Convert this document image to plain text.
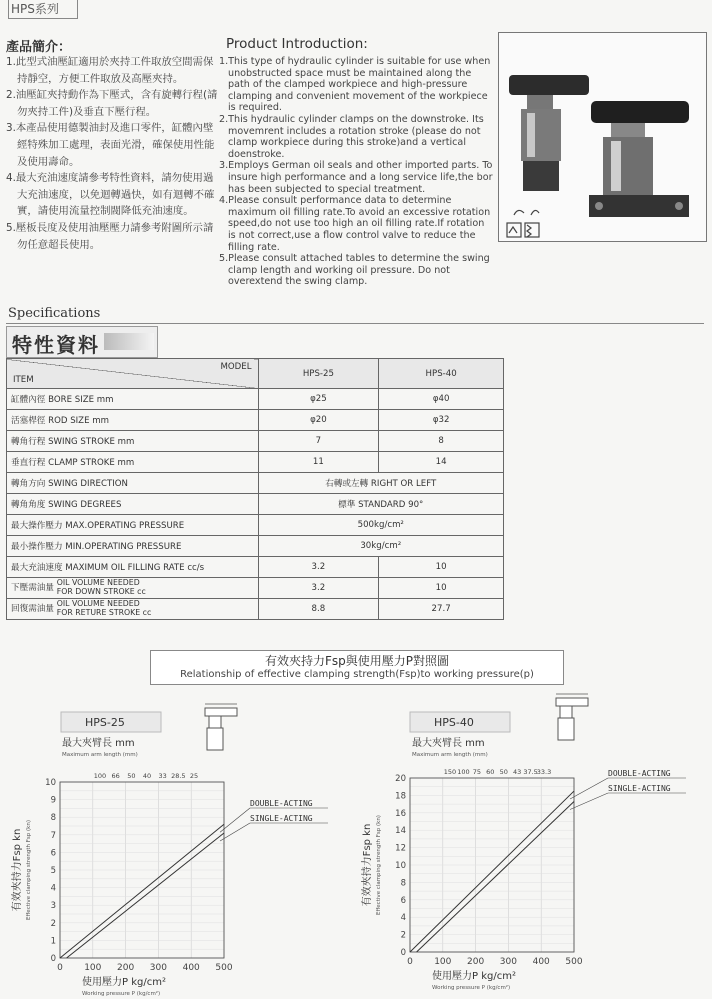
HPS系列
產品簡介：
1.此型式油壓缸適用於夾持工件取放空間需保持靜空，方便工件取放及高壓夾持。
2.油壓缸夾持動作為下壓式，含有旋轉行程(請勿夾持工件)及垂直下壓行程。
3.本產品使用德製油封及進口零件，缸體內壁經特殊加工處理，表面光滑，確保使用性能及使用壽命。
4.最大充油速度請參考特性資料，請勿使用過大充油速度，以免迴轉過快，如有迴轉不確實，請使用流量控制閥降低充油速度。
5.壓板長度及使用油壓壓力請參考附圖所示請勿任意超長使用。
Product Introduction:
1.This type of hydraulic cylinder is suitable for use when unobstructed space must be maintained along the path of the clamped workpiece and high-pressure clamping and convenient movement of the workpiece is required.
2.This hydraulic cylinder clamps on the downstroke. Its movemrent includes a rotation stroke (please do not clamp workpiece during this stroke)and a vertical doenstroke.
3.Employs German oil seals and other imported parts. To insure high performance and a long service life,the bor has been subjected to special treatment.
4.Please consult performance data to determine maximum oil filling rate.To avoid an excessive rotation speed,do not use too high an oil filling rate.If rotation is not correct,use a flow control valve to reduce the filling rate.
5.Please consult attached tables to determine the swing clamp length and working oil pressure. Do not overextend the swing clamp.
Specifications
特性資料
MODEL
ITEM	HPS-25	HPS-40
缸體內徑 BORE SIZE mm	φ25	φ40
活塞桿徑 ROD SIZE mm	φ20	φ32
轉角行程 SWING STROKE mm	7	8
垂直行程 CLAMP STROKE mm	11	14
轉角方向 SWING DIRECTION	右轉或左轉 RIGHT OR LEFT	
轉角角度 SWING DEGREES	標準 STANDARD 90°	
最大操作壓力 MAX.OPERATING PRESSURE	500kg/cm²	
最小操作壓力 MIN.OPERATING PRESSURE	30kg/cm²	
最大充油速度 MAXIMUM OIL FILLING RATE cc/s	3.2	10
下壓需油量 OIL VOLUME NEEDED
FOR DOWN STROKE cc	3.2	10
回復需油量 OIL VOLUME NEEDED
FOR RETURE STROKE cc	8.8	27.7
有效夾持力Fsp與使用壓力P對照圖
Relationship of effective clamping strength(Fsp)to working pressure(p)
HPS-25
最大夾臂長 mm
Maximum arm length (mm)
100 66 50 40 33 28.5 25
0 100 200 300 400 500
0
1
2
3
4
5
6
7
8
9
10
使用壓力P kg/cm²
Working pressure P (kg/cm²)
有效夾持力Fsp kn Effective clamping strength Fsp (kn)
DOUBLE-ACTING
SINGLE-ACTING
HPS-40
最大夾臂長 mm
Maximum arm length (mm)
150 100 75 60 50 43 37.5
33.3
0 100 200 300 400 500
0
2
4
6
8
10
12
14
16
18
20
使用壓力P kg/cm²
Working pressure P (kg/cm²)
有效夾持力Fsp kn Effective clamping strength Fsp (kn)
DOUBLE-ACTING
SINGLE-ACTING
